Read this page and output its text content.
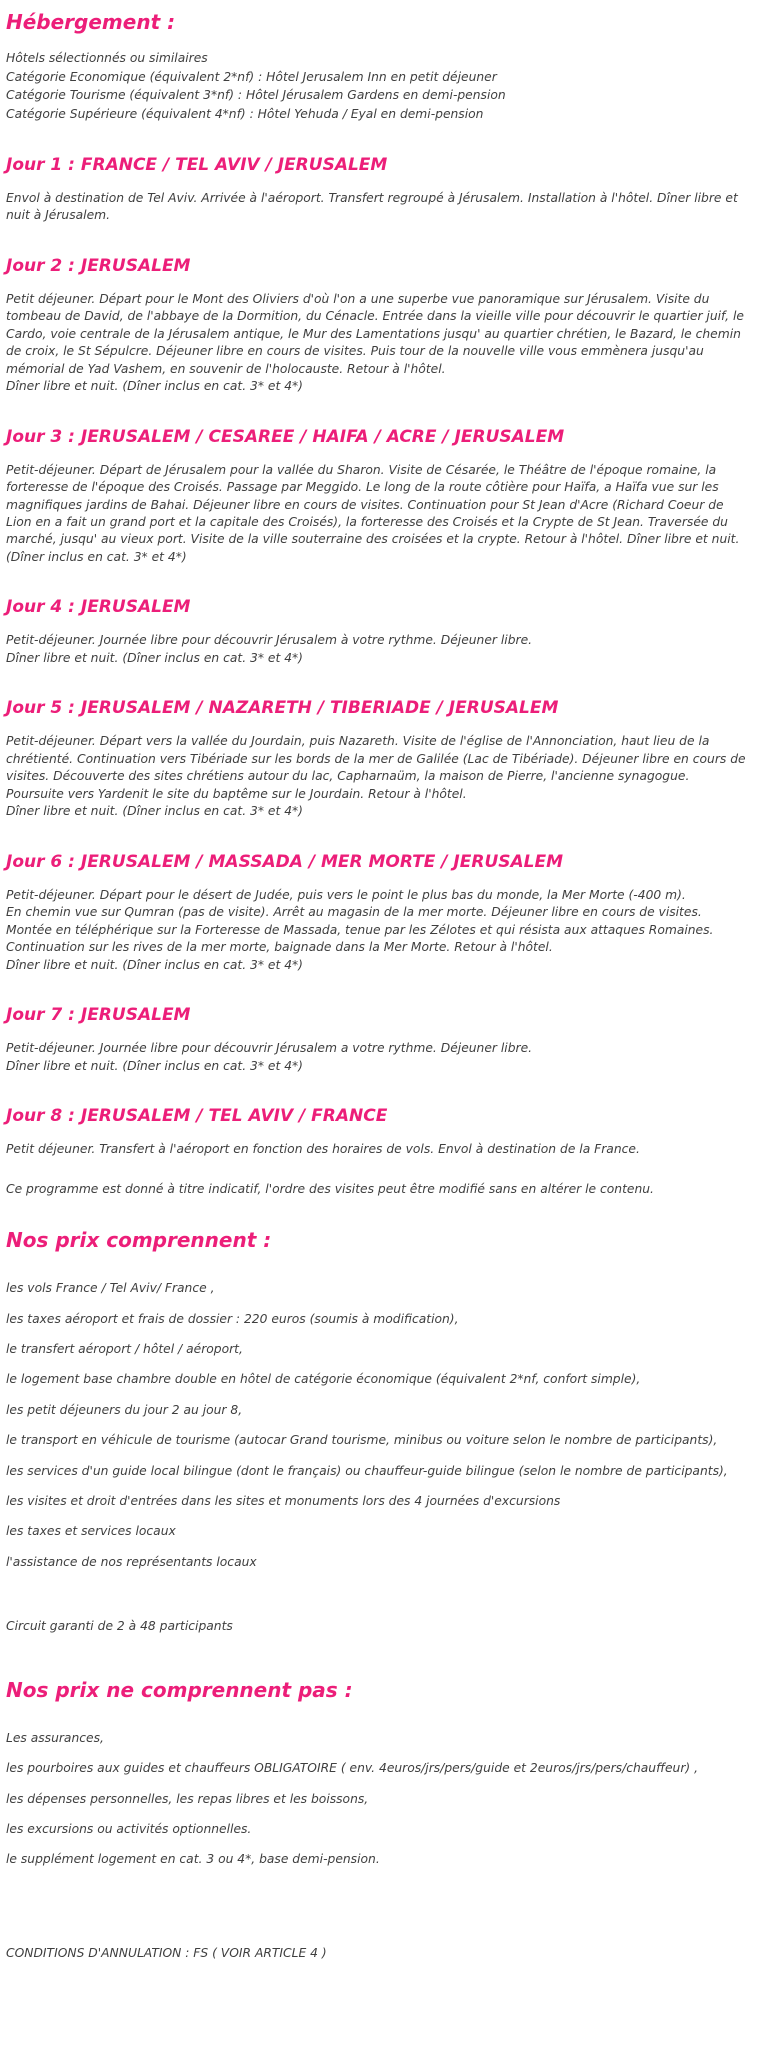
Hébergement :

Hôtels sélectionnés ou similaires

Catégorie Economique (équivalent 2*nf) : Hôtel Jerusalem Inn en petit déjeuner

Catégorie Tourisme (équivalent 3*nf) : Hôtel Jérusalem Gardens en demi-pension

Catégorie Supérieure (équivalent 4*nf) : Hôtel Yehuda / Eyal en demi-pension

Jour 1 : FRANCE / TEL AVIV / JERUSALEM

Envol à destination de Tel Aviv. Arrivée à l'aéroport. Transfert regroupé à Jérusalem. Installation à l'hôtel. Dîner libre et nuit à Jérusalem.

Jour 2 : JERUSALEM

Petit déjeuner. Départ pour le Mont des Oliviers d'où l'on a une superbe vue panoramique sur Jérusalem. Visite du tombeau de David, de l'abbaye de la Dormition, du Cénacle. Entrée dans la vieille ville pour découvrir le quartier juif, le Cardo, voie centrale de la Jérusalem antique, le Mur des Lamentations jusqu' au quartier chrétien, le Bazard, le chemin de croix, le St Sépulcre. Déjeuner libre en cours de visites. Puis tour de la nouvelle ville vous emmènera jusqu'au mémorial de Yad Vashem, en souvenir de l'holocauste. Retour à l'hôtel.

Dîner libre et nuit. (Dîner inclus en cat. 3* et 4*)

Jour 3 : JERUSALEM / CESAREE / HAIFA / ACRE / JERUSALEM

Petit-déjeuner. Départ de Jérusalem pour la vallée du Sharon. Visite de Césarée, le Théâtre de l'époque romaine, la forteresse de l'époque des Croisés. Passage par Meggido. Le long de la route côtière pour Haïfa, a Haïfa vue sur les magnifiques jardins de Bahai. Déjeuner libre en cours de visites. Continuation pour St Jean d'Acre (Richard Coeur de Lion en a fait un grand port et la capitale des Croisés), la forteresse des Croisés et la Crypte de St Jean. Traversée du marché, jusqu' au vieux port. Visite de la ville souterraine des croisées et la crypte. Retour à l'hôtel. Dîner libre et nuit. (Dîner inclus en cat. 3* et 4*)

Jour 4 : JERUSALEM

Petit-déjeuner. Journée libre pour découvrir Jérusalem à votre rythme. Déjeuner libre.

Dîner libre et nuit. (Dîner inclus en cat. 3* et 4*)

Jour 5 : JERUSALEM / NAZARETH / TIBERIADE / JERUSALEM

Petit-déjeuner. Départ vers la vallée du Jourdain, puis Nazareth. Visite de l'église de l'Annonciation, haut lieu de la chrétienté. Continuation vers Tibériade sur les bords de la mer de Galilée (Lac de Tibériade). Déjeuner libre en cours de visites. Découverte des sites chrétiens autour du lac, Capharnaüm, la maison de Pierre, l'ancienne synagogue. Poursuite vers Yardenit le site du baptême sur le Jourdain. Retour à l'hôtel.

Dîner libre et nuit. (Dîner inclus en cat. 3* et 4*)

Jour 6 : JERUSALEM / MASSADA / MER MORTE / JERUSALEM

Petit-déjeuner. Départ pour le désert de Judée, puis vers le point le plus bas du monde, la Mer Morte (-400 m).

En chemin vue sur Qumran (pas de visite). Arrêt au magasin de la mer morte. Déjeuner libre en cours de visites. Montée en téléphérique sur la Forteresse de Massada, tenue par les Zélotes et qui résista aux attaques Romaines. Continuation sur les rives de la mer morte, baignade dans la Mer Morte. Retour à l'hôtel.

Dîner libre et nuit. (Dîner inclus en cat. 3* et 4*)

Jour 7 : JERUSALEM

Petit-déjeuner. Journée libre pour découvrir Jérusalem a votre rythme. Déjeuner libre.

Dîner libre et nuit. (Dîner inclus en cat. 3* et 4*)

Jour 8 : JERUSALEM / TEL AVIV / FRANCE

Petit déjeuner. Transfert à l'aéroport en fonction des horaires de vols. Envol à destination de la France.

Ce programme est donné à titre indicatif, l'ordre des visites peut être modifié sans en altérer le contenu.

Nos prix comprennent :

les vols France / Tel Aviv/ France ,

les taxes aéroport et frais de dossier : 220 euros (soumis à modification),

le transfert aéroport / hôtel / aéroport,

le logement base chambre double en hôtel de catégorie économique (équivalent 2*nf, confort simple),

les petit déjeuners du jour 2 au jour 8,

le transport en véhicule de tourisme (autocar Grand tourisme, minibus ou voiture selon le nombre de participants),

les services d'un guide local bilingue (dont le français) ou chauffeur-guide bilingue (selon le nombre de participants),

les visites et droit d'entrées dans les sites et monuments lors des 4 journées d'excursions

les taxes et services locaux

l'assistance de nos représentants locaux

Circuit garanti de 2 à 48 participants

Nos prix ne comprennent pas :

Les assurances,

les pourboires aux guides et chauffeurs OBLIGATOIRE ( env. 4euros/jrs/pers/guide et 2euros/jrs/pers/chauffeur) ,

les dépenses personnelles, les repas libres et les boissons,

les excursions ou activités optionnelles.

le supplément logement en cat. 3 ou 4*, base demi-pension.

CONDITIONS D'ANNULATION : FS ( VOIR ARTICLE 4 )
